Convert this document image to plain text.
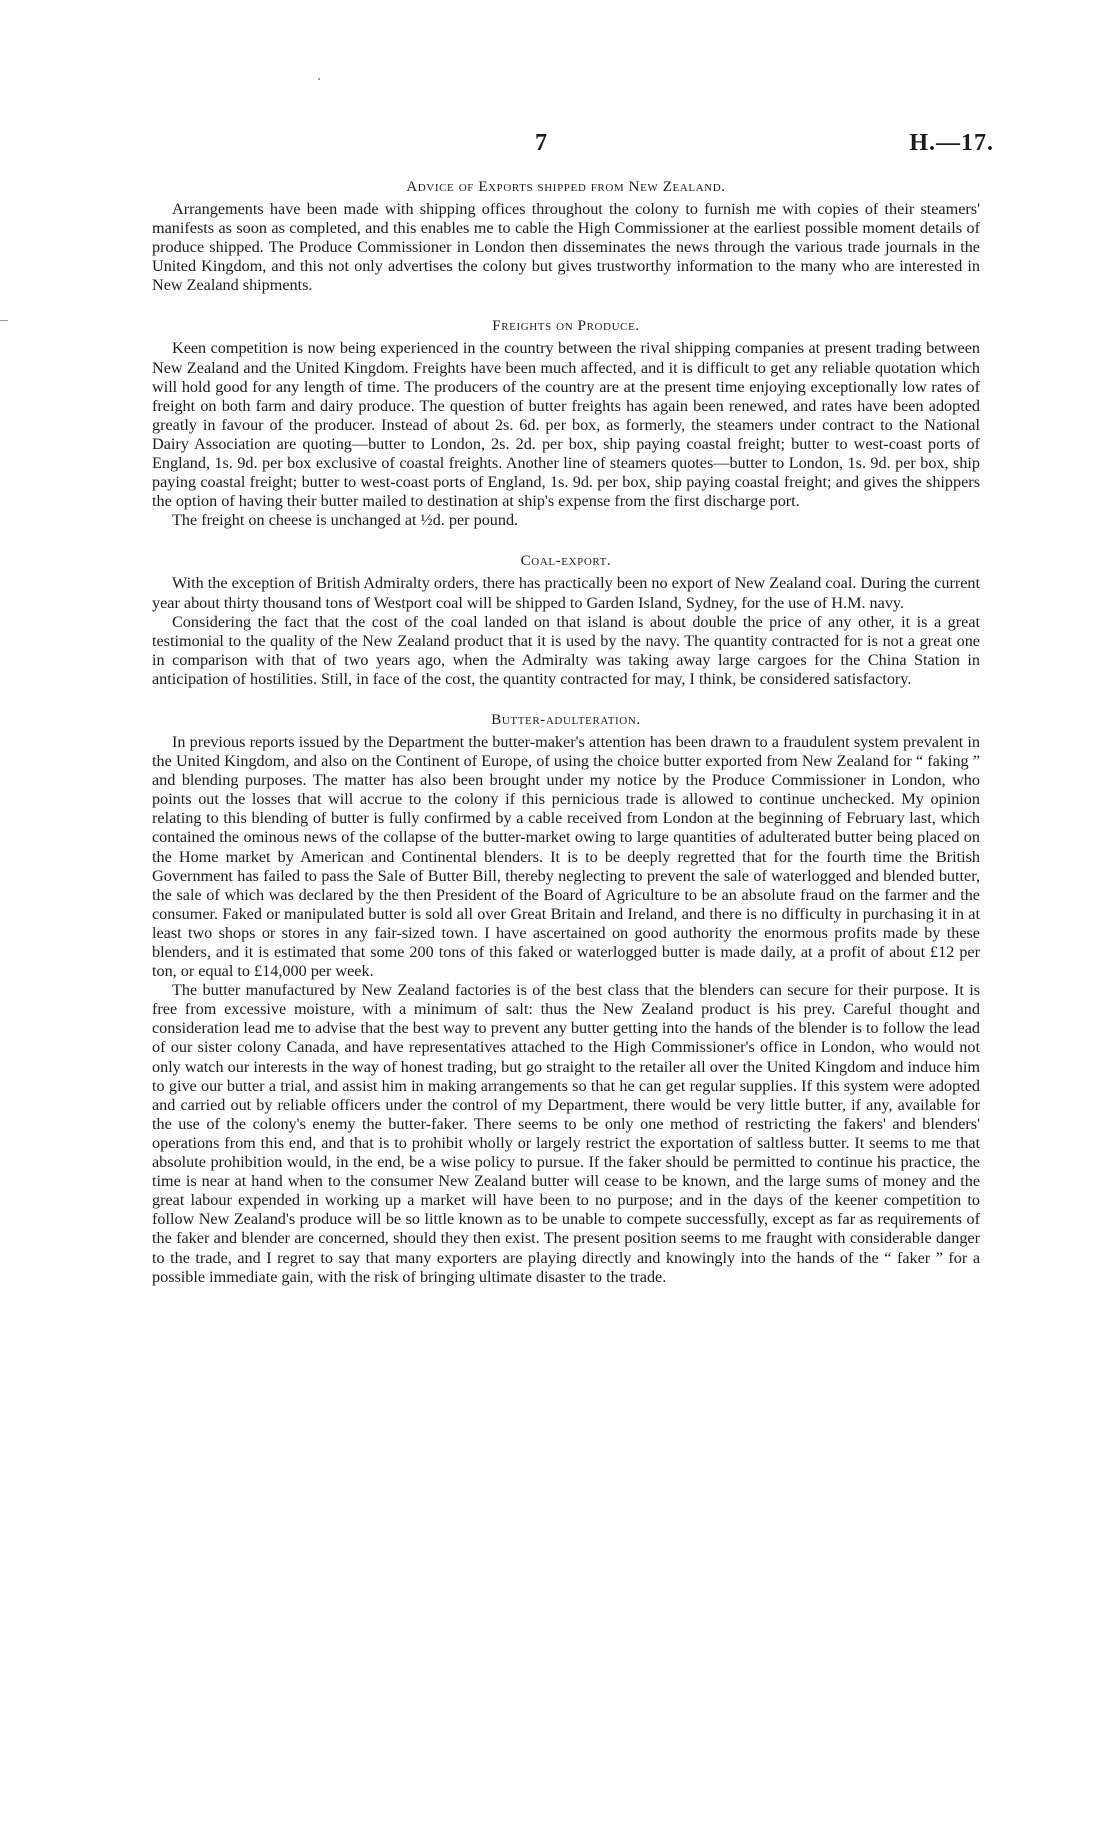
7	H.—17.
Advice of Exports shipped from New Zealand.

Arrangements have been made with shipping offices throughout the colony to furnish me with copies of their steamers' manifests as soon as completed, and this enables me to cable the High Commissioner at the earliest possible moment details of produce shipped. The Produce Commissioner in London then disseminates the news through the various trade journals in the United Kingdom, and this not only advertises the colony but gives trustworthy information to the many who are interested in New Zealand shipments.

Freights on Produce.

Keen competition is now being experienced in the country between the rival shipping companies at present trading between New Zealand and the United Kingdom. Freights have been much affected, and it is difficult to get any reliable quotation which will hold good for any length of time. The producers of the country are at the present time enjoying exceptionally low rates of freight on both farm and dairy produce. The question of butter freights has again been renewed, and rates have been adopted greatly in favour of the producer. Instead of about 2s. 6d. per box, as formerly, the steamers under contract to the National Dairy Association are quoting—butter to London, 2s. 2d. per box, ship paying coastal freight; butter to west-coast ports of England, 1s. 9d. per box exclusive of coastal freights. Another line of steamers quotes—butter to London, 1s. 9d. per box, ship paying coastal freight; butter to west-coast ports of England, 1s. 9d. per box, ship paying coastal freight; and gives the shippers the option of having their butter mailed to destination at ship's expense from the first discharge port.

The freight on cheese is unchanged at ½d. per pound.

Coal-export.

With the exception of British Admiralty orders, there has practically been no export of New Zealand coal. During the current year about thirty thousand tons of Westport coal will be shipped to Garden Island, Sydney, for the use of H.M. navy.

Considering the fact that the cost of the coal landed on that island is about double the price of any other, it is a great testimonial to the quality of the New Zealand product that it is used by the navy. The quantity contracted for is not a great one in comparison with that of two years ago, when the Admiralty was taking away large cargoes for the China Station in anticipation of hostilities. Still, in face of the cost, the quantity contracted for may, I think, be considered satisfactory.

Butter-adulteration.

In previous reports issued by the Department the butter-maker's attention has been drawn to a fraudulent system prevalent in the United Kingdom, and also on the Continent of Europe, of using the choice butter exported from New Zealand for “ faking ” and blending purposes. The matter has also been brought under my notice by the Produce Commissioner in London, who points out the losses that will accrue to the colony if this pernicious trade is allowed to continue unchecked. My opinion relating to this blending of butter is fully confirmed by a cable received from London at the beginning of February last, which contained the ominous news of the collapse of the butter-market owing to large quantities of adulterated butter being placed on the Home market by American and Continental blenders. It is to be deeply regretted that for the fourth time the British Government has failed to pass the Sale of Butter Bill, thereby neglecting to prevent the sale of waterlogged and blended butter, the sale of which was declared by the then President of the Board of Agriculture to be an absolute fraud on the farmer and the consumer. Faked or manipulated butter is sold all over Great Britain and Ireland, and there is no difficulty in purchasing it in at least two shops or stores in any fair-sized town. I have ascertained on good authority the enormous profits made by these blenders, and it is estimated that some 200 tons of this faked or waterlogged butter is made daily, at a profit of about £12 per ton, or equal to £14,000 per week.

The butter manufactured by New Zealand factories is of the best class that the blenders can secure for their purpose. It is free from excessive moisture, with a minimum of salt: thus the New Zealand product is his prey. Careful thought and consideration lead me to advise that the best way to prevent any butter getting into the hands of the blender is to follow the lead of our sister colony Canada, and have representatives attached to the High Commissioner's office in London, who would not only watch our interests in the way of honest trading, but go straight to the retailer all over the United Kingdom and induce him to give our butter a trial, and assist him in making arrangements so that he can get regular supplies. If this system were adopted and carried out by reliable officers under the control of my Department, there would be very little butter, if any, available for the use of the colony's enemy the butter-faker. There seems to be only one method of restricting the fakers' and blenders' operations from this end, and that is to prohibit wholly or largely restrict the exportation of saltless butter. It seems to me that absolute prohibition would, in the end, be a wise policy to pursue. If the faker should be permitted to continue his practice, the time is near at hand when to the consumer New Zealand butter will cease to be known, and the large sums of money and the great labour expended in working up a market will have been to no purpose; and in the days of the keener competition to follow New Zealand's produce will be so little known as to be unable to compete successfully, except as far as requirements of the faker and blender are concerned, should they then exist. The present position seems to me fraught with considerable danger to the trade, and I regret to say that many exporters are playing directly and knowingly into the hands of the “ faker ” for a possible immediate gain, with the risk of bringing ultimate disaster to the trade.
